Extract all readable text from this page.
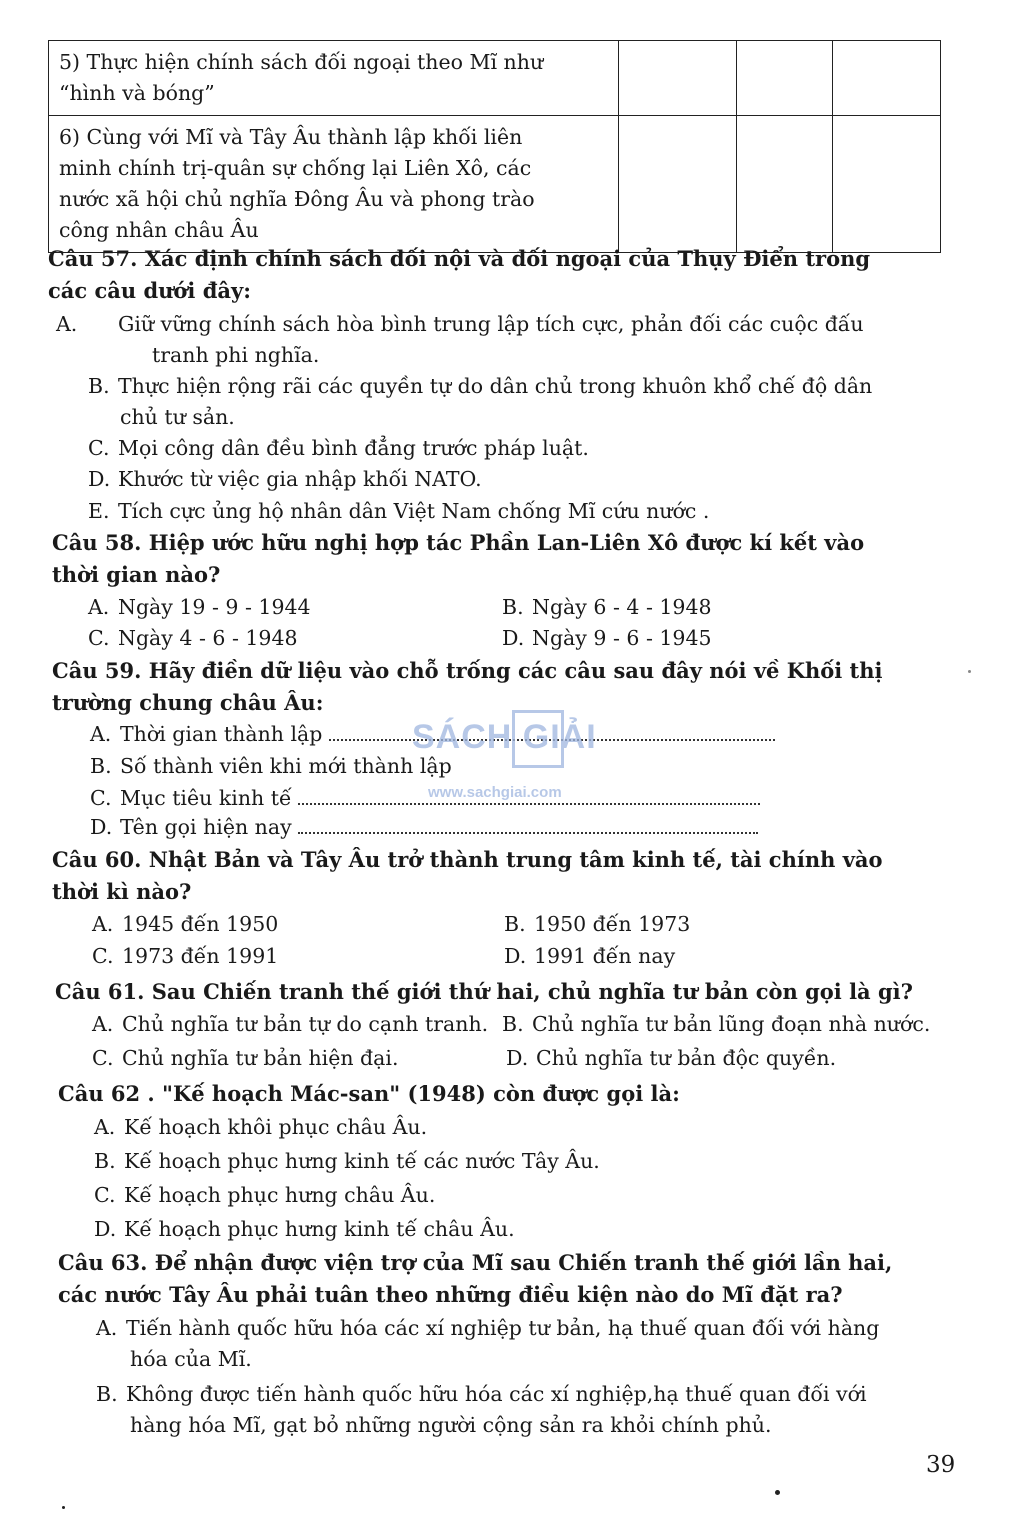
5) Thực hiện chính sách đối ngoại theo Mĩ như
“hình và bóng”			

6) Cùng với Mĩ và Tây Âu thành lập khối liên
minh chính trị-quân sự chống lại Liên Xô, các
nước xã hội chủ nghĩa Đông Âu và phong trào
công nhân châu Âu			

Câu 57. Xác định chính sách đối nội và đối ngoại của Thụy Điển trong
các câu dưới đây:
A. Giữ vững chính sách hòa bình trung lập tích cực, phản đối các cuộc đấu
tranh phi nghĩa.
B. Thực hiện rộng rãi các quyền tự do dân chủ trong khuôn khổ chế độ dân
chủ tư sản.
C. Mọi công dân đều bình đẳng trước pháp luật.
D. Khước từ việc gia nhập khối NATO.
E. Tích cực ủng hộ nhân dân Việt Nam chống Mĩ cứu nước .
Câu 58. Hiệp ước hữu nghị hợp tác Phần Lan-Liên Xô được kí kết vào
thời gian nào?
A. Ngày 19 - 9 - 1944	B. Ngày 6 - 4 - 1948
C. Ngày 4 - 6 - 1948	D. Ngày 9 - 6 - 1945
Câu 59. Hãy điền dữ liệu vào chỗ trống các câu sau đây nói về Khối thị
trường chung châu Âu:
A. Thời gian thành lập
B. Số thành viên khi mới thành lập
C. Mục tiêu kinh tế
D. Tên gọi hiện nay
SÁCH GIẢI
www.sachgiai.com
Câu 60. Nhật Bản và Tây Âu trở thành trung tâm kinh tế, tài chính vào
thời kì nào?
A. 1945 đến 1950	B. 1950 đến 1973
C. 1973 đến 1991	D. 1991 đến nay
Câu 61. Sau Chiến tranh thế giới thứ hai, chủ nghĩa tư bản còn gọi là gì?
A. Chủ nghĩa tư bản tự do cạnh tranh. B. Chủ nghĩa tư bản lũng đoạn nhà nước.
C. Chủ nghĩa tư bản hiện đại.	D. Chủ nghĩa tư bản độc quyền.
Câu 62 . "Kế hoạch Mác-san" (1948) còn được gọi là:
A. Kế hoạch khôi phục châu Âu.
B. Kế hoạch phục hưng kinh tế các nước Tây Âu.
C. Kế hoạch phục hưng châu Âu.
D. Kế hoạch phục hưng kinh tế châu Âu.
Câu 63. Để nhận được viện trợ của Mĩ sau Chiến tranh thế giới lần hai,
các nước Tây Âu phải tuân theo những điều kiện nào do Mĩ đặt ra?
A. Tiến hành quốc hữu hóa các xí nghiệp tư bản, hạ thuế quan đối với hàng
hóa của Mĩ.
B. Không được tiến hành quốc hữu hóa các xí nghiệp,hạ thuế quan đối với
hàng hóa Mĩ, gạt bỏ những người cộng sản ra khỏi chính phủ.
39
